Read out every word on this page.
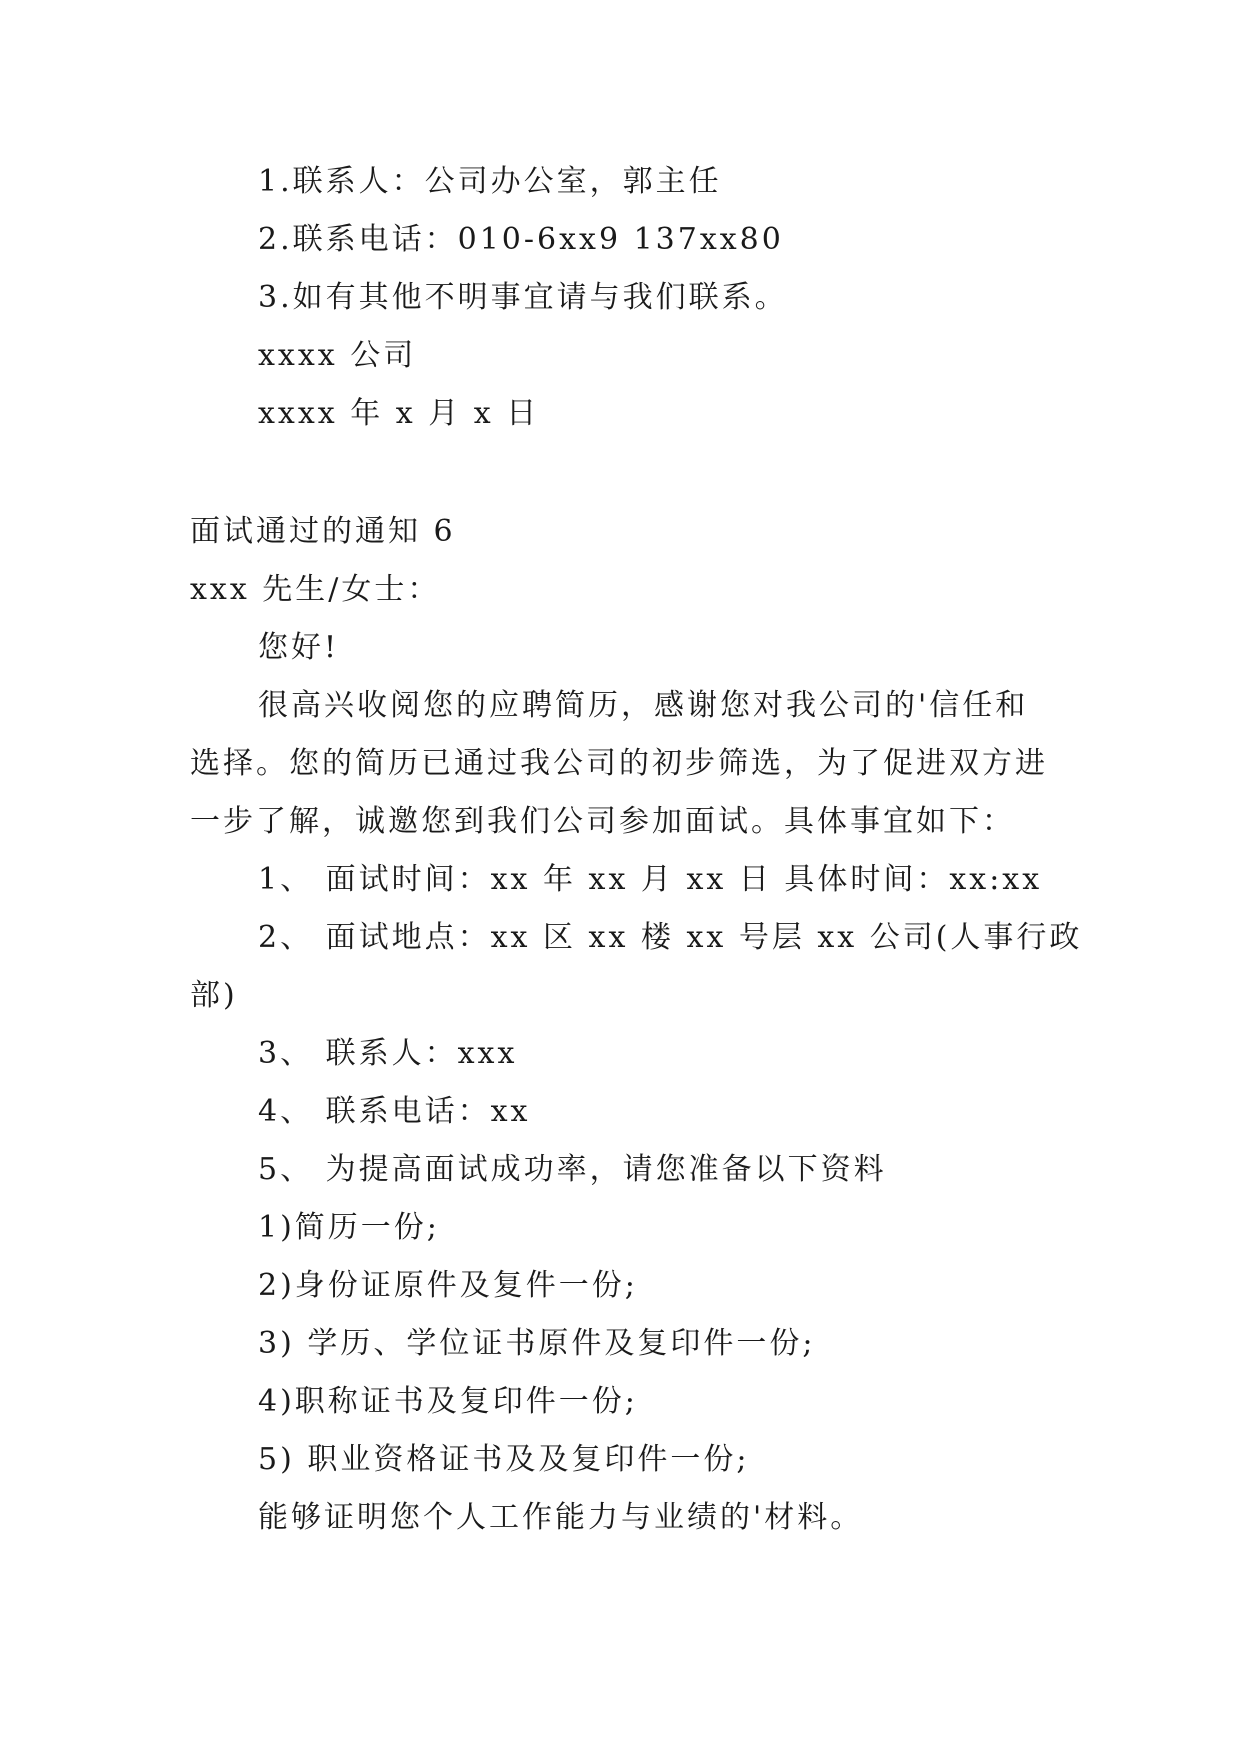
1.联系人：公司办公室，郭主任
2.联系电话：010-6xx9 137xx80
3.如有其他不明事宜请与我们联系。
xxxx 公司
xxxx 年 x 月 x 日
面试通过的通知 6
xxx 先生/女士：
您好!
很高兴收阅您的应聘简历，感谢您对我公司的'信任和
选择。您的简历已通过我公司的初步筛选，为了促进双方进
一步了解，诚邀您到我们公司参加面试。具体事宜如下：
1、 面试时间：xx 年 xx 月 xx 日 具体时间：xx:xx
2、 面试地点：xx 区 xx 楼 xx 号层 xx 公司(人事行政
部)
3、 联系人：xxx
4、 联系电话：xx
5、 为提高面试成功率，请您准备以下资料
1)简历一份;
2)身份证原件及复件一份;
3) 学历、学位证书原件及复印件一份;
4)职称证书及复印件一份;
5) 职业资格证书及及复印件一份;
能够证明您个人工作能力与业绩的'材料。
